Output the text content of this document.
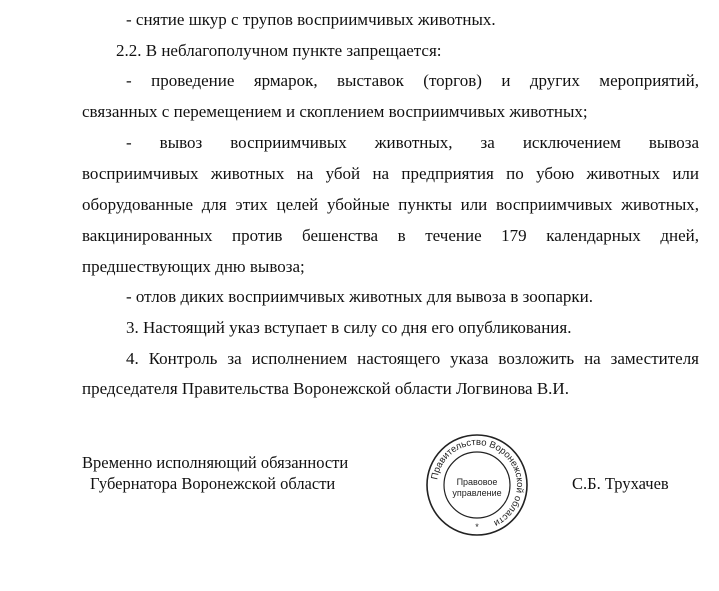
- снятие шкур с трупов восприимчивых животных.
2.2. В неблагополучном пункте запрещается:
- проведение ярмарок, выставок (торгов) и других мероприятий,
связанных с перемещением и скоплением восприимчивых животных;
- вывоз восприимчивых животных, за исключением вывоза
восприимчивых животных на убой на предприятия по убою животных или
оборудованные для этих целей убойные пункты или восприимчивых животных,
вакцинированных против бешенства в течение 179 календарных дней,
предшествующих дню вывоза;
- отлов диких восприимчивых животных для вывоза в зоопарки.
3. Настоящий указ вступает в силу со дня его опубликования.
4. Контроль за исполнением настоящего указа возложить на заместителя
председателя Правительства Воронежской области Логвинова В.И.
Временно исполняющий обязанности
Губернатора Воронежской области	С.Б. Трухачев
Правительство Воронежской области
Правовое
управление
*
